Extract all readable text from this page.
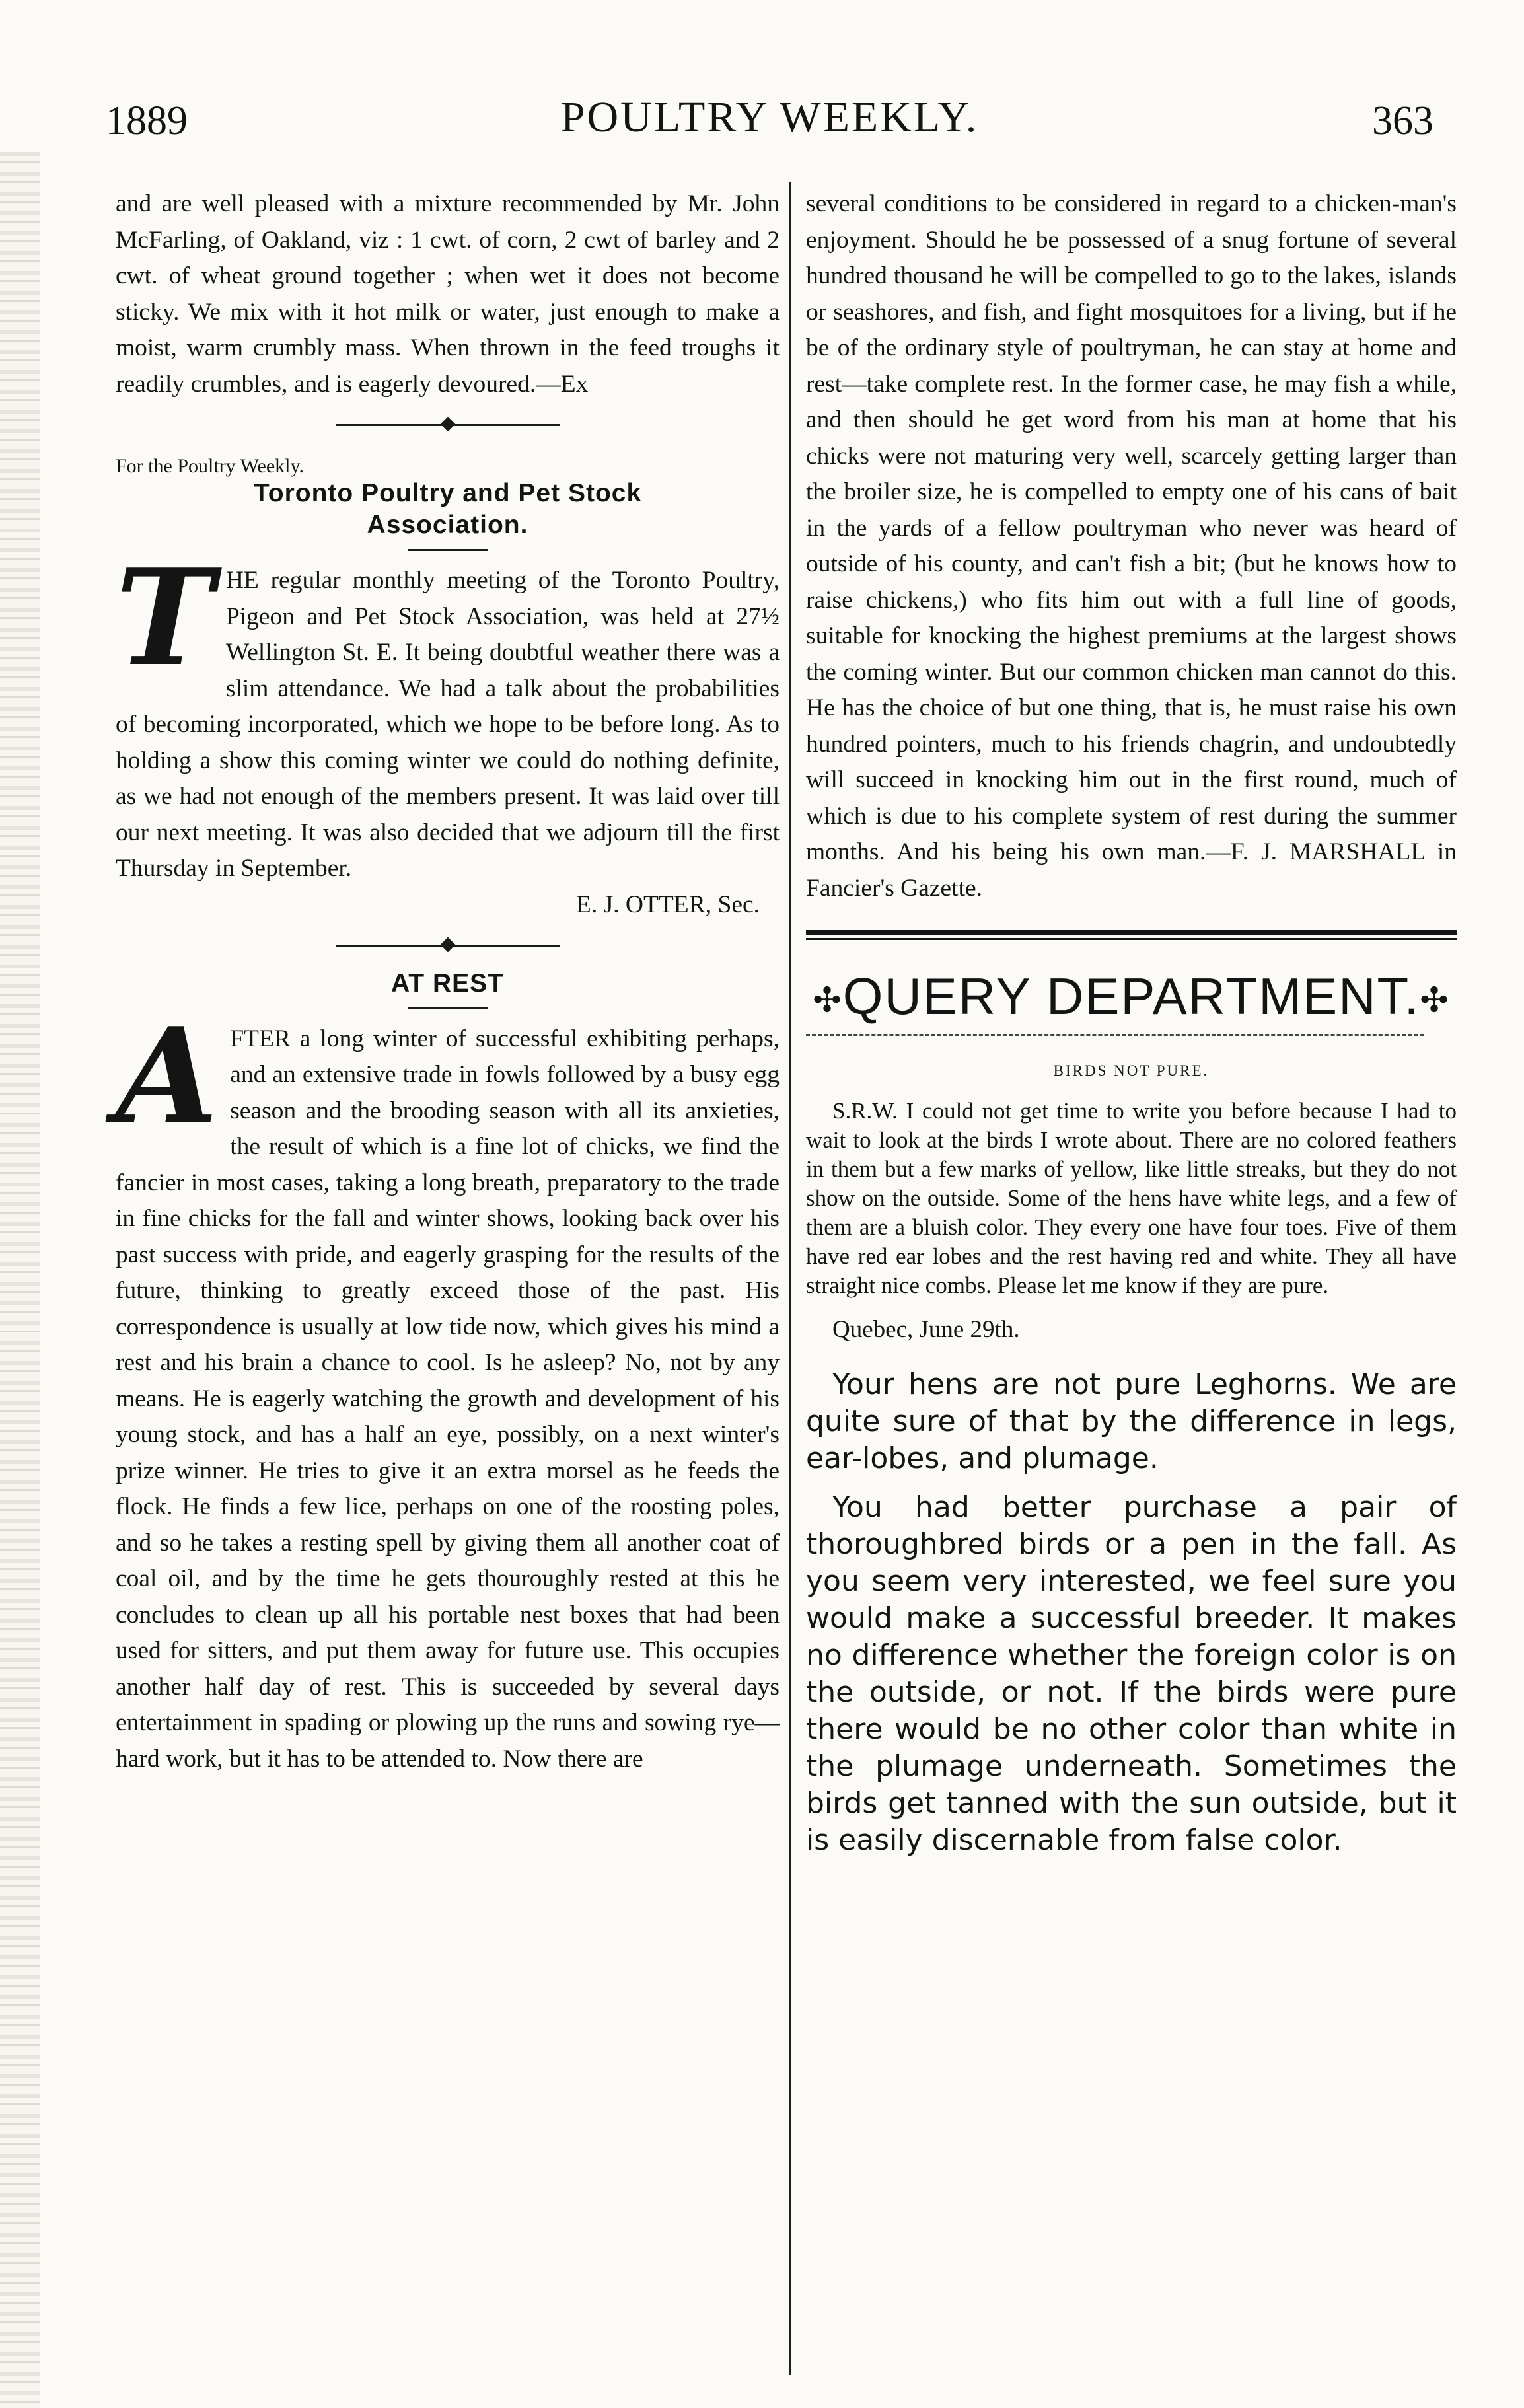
POULTRY WEEKLY.
1889	363

and are well pleased with a mixture recommended by Mr. John McFarling, of Oakland, viz : 1 cwt. of corn, 2 cwt of barley and 2 cwt. of wheat ground together ; when wet it does not become sticky. We mix with it hot milk or water, just enough to make a moist, warm crumbly mass. When thrown in the feed troughs it readily crumbles, and is eagerly devoured.—Ex

For the Poultry Weekly.
Toronto Poultry and Pet Stock
Association.

THE regular monthly meeting of the Toronto Poultry, Pigeon and Pet Stock Association, was held at 27½ Wellington St. E. It being doubtful weather there was a slim attendance. We had a talk about the probabilities of becoming incorporated, which we hope to be before long. As to holding a show this coming winter we could do nothing definite, as we had not enough of the members present. It was laid over till our next meeting. It was also decided that we adjourn till the first Thursday in September.

E. J. OTTER, Sec.
AT REST

AFTER a long winter of successful exhibiting perhaps, and an extensive trade in fowls followed by a busy egg season and the brooding season with all its anxieties, the result of which is a fine lot of chicks, we find the fancier in most cases, taking a long breath, preparatory to the trade in fine chicks for the fall and winter shows, looking back over his past success with pride, and eagerly grasping for the results of the future, thinking to greatly exceed those of the past. His correspondence is usually at low tide now, which gives his mind a rest and his brain a chance to cool. Is he asleep? No, not by any means. He is eagerly watching the growth and development of his young stock, and has a half an eye, possibly, on a next winter's prize winner. He tries to give it an extra morsel as he feeds the flock. He finds a few lice, perhaps on one of the roosting poles, and so he takes a resting spell by giving them all another coat of coal oil, and by the time he gets thouroughly rested at this he concludes to clean up all his portable nest boxes that had been used for sitters, and put them away for future use. This occupies another half day of rest. This is succeeded by several days entertainment in spading or plowing up the runs and sowing rye—hard work, but it has to be attended to. Now there are

several conditions to be considered in regard to a chicken-man's enjoyment. Should he be possessed of a snug fortune of several hundred thousand he will be compelled to go to the lakes, islands or seashores, and fish, and fight mosquitoes for a living, but if he be of the ordinary style of poultryman, he can stay at home and rest—take complete rest. In the former case, he may fish a while, and then should he get word from his man at home that his chicks were not maturing very well, scarcely getting larger than the broiler size, he is compelled to empty one of his cans of bait in the yards of a fellow poultryman who never was heard of outside of his county, and can't fish a bit; (but he knows how to raise chickens,) who fits him out with a full line of goods, suitable for knocking the highest premiums at the largest shows the coming winter. But our common chicken man cannot do this. He has the choice of but one thing, that is, he must raise his own hundred pointers, much to his friends chagrin, and undoubtedly will succeed in knocking him out in the first round, much of which is due to his complete system of rest during the summer months. And his being his own man.—F. J. MARSHALL in Fancier's Gazette.

✣QUERY DEPARTMENT.✣
BIRDS NOT PURE.

S.R.W. I could not get time to write you before because I had to wait to look at the birds I wrote about. There are no colored feathers in them but a few marks of yellow, like little streaks, but they do not show on the outside. Some of the hens have white legs, and a few of them are a bluish color. They every one have four toes. Five of them have red ear lobes and the rest having red and white. They all have straight nice combs. Please let me know if they are pure.

Quebec, June 29th.

Your hens are not pure Leghorns. We are quite sure of that by the difference in legs, ear-lobes, and plumage.

You had better purchase a pair of thoroughbred birds or a pen in the fall. As you seem very interested, we feel sure you would make a successful breeder. It makes no difference whether the foreign color is on the outside, or not. If the birds were pure there would be no other color than white in the plumage underneath. Sometimes the birds get tanned with the sun outside, but it is easily discernable from false color.
